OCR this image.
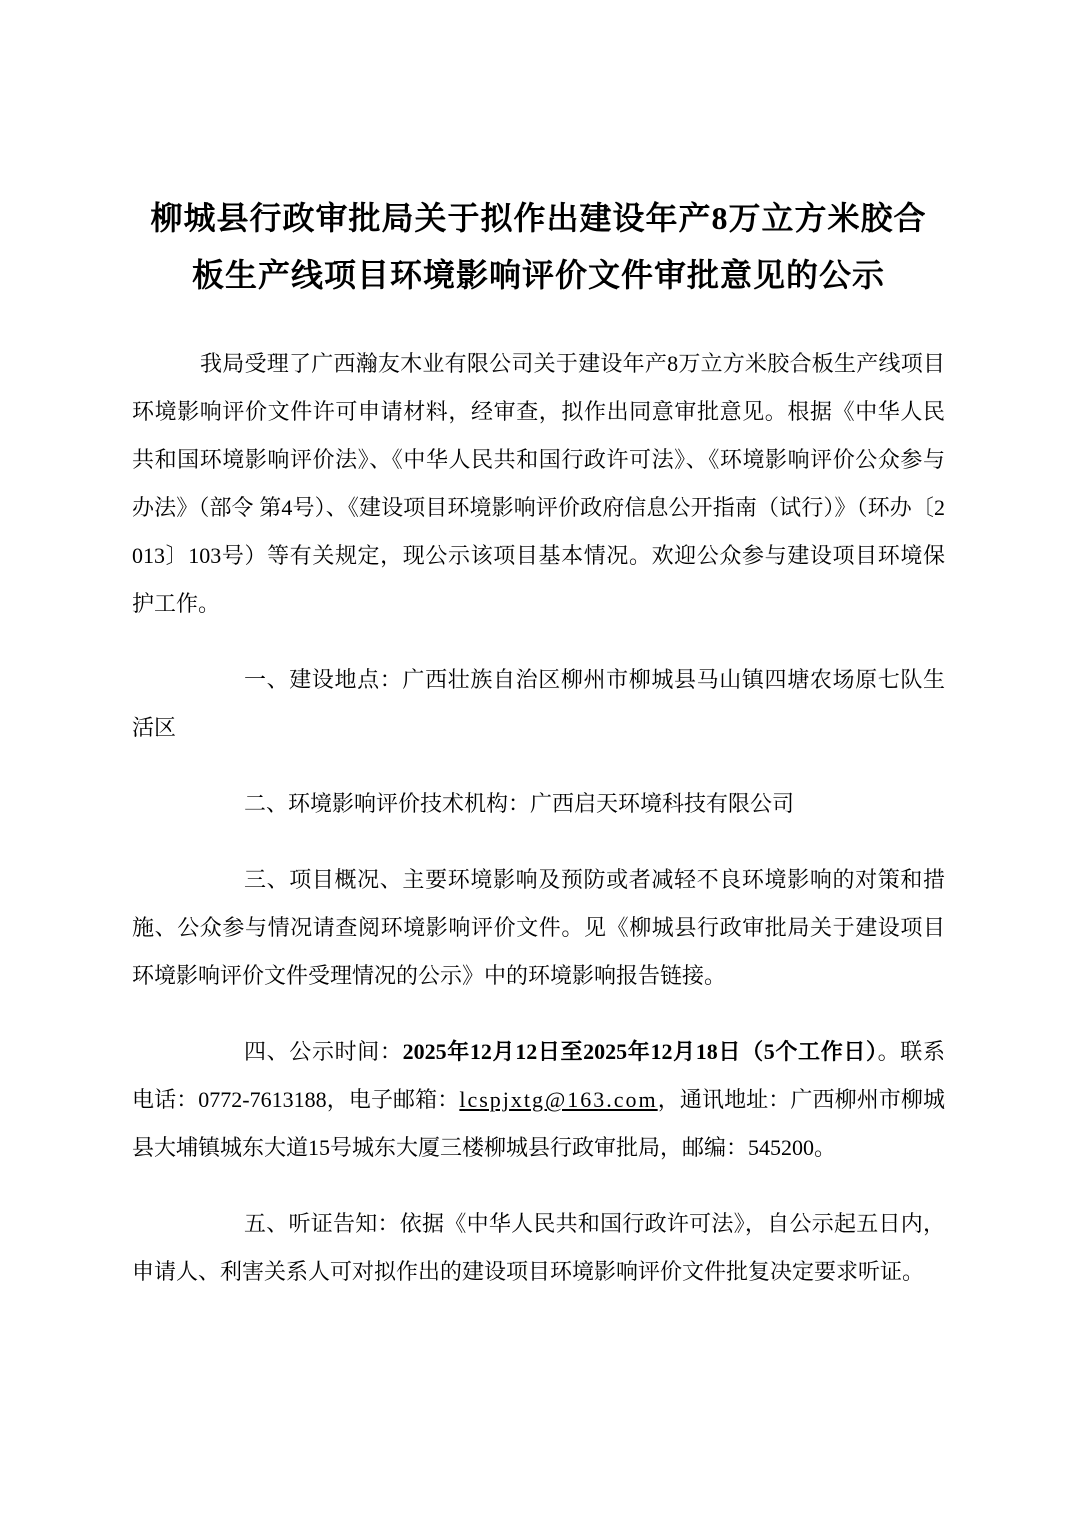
柳城县行政审批局关于拟作出建设年产8万立方米胶合
板生产线项目环境影响评价文件审批意见的公示

我局受理了广西瀚友木业有限公司关于建设年产8万立方米胶合板生产线项目环境影响评价文件许可申请材料，经审查，拟作出同意审批意见。根据《中华人民共和国环境影响评价法》、《中华人民共和国行政许可法》、《环境影响评价公众参与办法》（部令 第4号）、《建设项目环境影响评价政府信息公开指南（试行）》（环办〔2013〕103号）等有关规定，现公示该项目基本情况。欢迎公众参与建设项目环境保护工作。

一、建设地点：广西壮族自治区柳州市柳城县马山镇四塘农场原七队生活区

二、环境影响评价技术机构：广西启天环境科技有限公司

三、项目概况、主要环境影响及预防或者减轻不良环境影响的对策和措施、公众参与情况请查阅环境影响评价文件。见《柳城县行政审批局关于建设项目环境影响评价文件受理情况的公示》中的环境影响报告链接。

四、公示时间：2025年12月12日至2025年12月18日（5个工作日）。联系电话：0772-7613188，电子邮箱：lcspjxtg@163.com，通讯地址：广西柳州市柳城县大埔镇城东大道15号城东大厦三楼柳城县行政审批局，邮编：545200。

五、听证告知：依据《中华人民共和国行政许可法》，自公示起五日内，申请人、利害关系人可对拟作出的建设项目环境影响评价文件批复决定要求听证。
